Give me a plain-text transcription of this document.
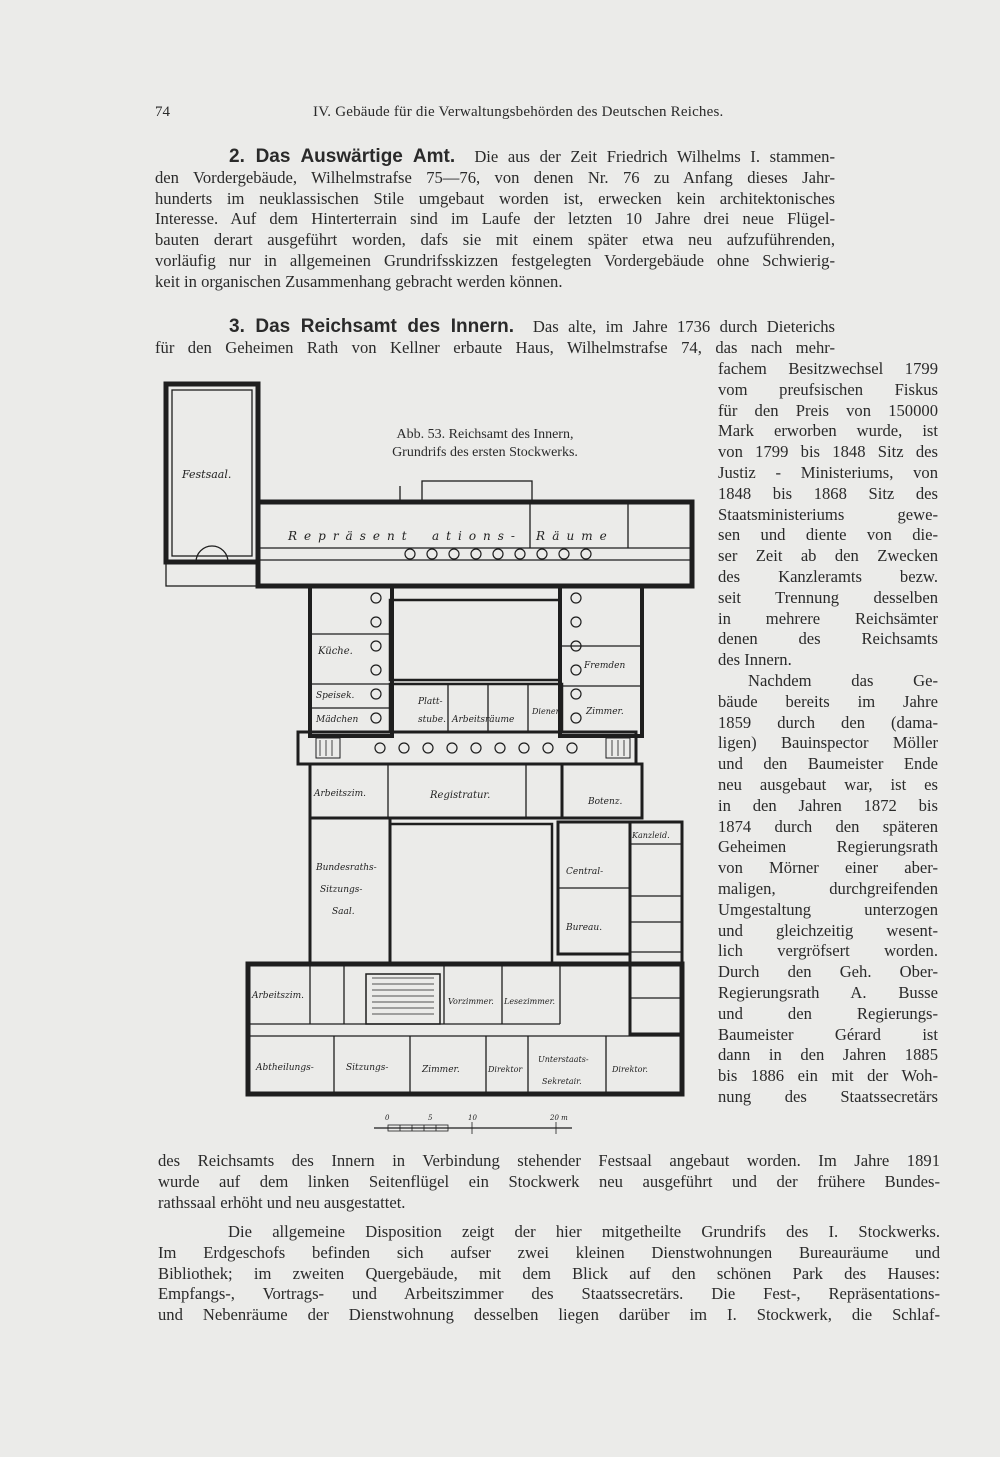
74	IV. Gebäude für die Verwaltungsbehörden des Deutschen Reiches.
2. Das Auswärtige Amt. Die aus der Zeit Friedrich Wilhelms I. stammen-
den Vordergebäude, Wilhelmstrafse 75—76, von denen Nr. 76 zu Anfang dieses Jahr-
hunderts im neuklassischen Stile umgebaut worden ist, erwecken kein architektonisches
Interesse. Auf dem Hinterterrain sind im Laufe der letzten 10 Jahre drei neue Flügel-
bauten derart ausgeführt worden, dafs sie mit einem später etwa neu aufzuführenden,
vorläufig nur in allgemeinen Grundrifsskizzen festgelegten Vordergebäude ohne Schwierig-
keit in organischen Zusammenhang gebracht werden können.
3. Das Reichsamt des Innern. Das alte, im Jahre 1736 durch Dieterichs
für den Geheimen Rath von Kellner erbaute Haus, Wilhelmstrafse 74, das nach mehr-
fachem Besitzwechsel 1799
vom preufsischen Fiskus
für den Preis von 150000
Mark erworben wurde, ist
von 1799 bis 1848 Sitz des
Justiz - Ministeriums, von
1848 bis 1868 Sitz des
Staatsministeriums gewe-
sen und diente von die-
ser Zeit ab den Zwecken
des Kanzleramts bezw.
seit Trennung desselben
in mehrere Reichsämter
denen des Reichsamts
des Innern.
Nachdem das Ge-
bäude bereits im Jahre
1859 durch den (dama-
ligen) Bauinspector Möller
und den Baumeister Ende
neu ausgebaut war, ist es
in den Jahren 1872 bis
1874 durch den späteren
Geheimen Regierungsrath
von Mörner einer aber-
maligen, durchgreifenden
Umgestaltung unterzogen
und gleichzeitig wesent-
lich vergröfsert worden.
Durch den Geh. Ober-
Regierungsrath A. Busse
und den Regierungs-
Baumeister Gérard ist
dann in den Jahren 1885
bis 1886 ein mit der Woh-
nung des Staatssecretärs
des Reichsamts des Innern in Verbindung stehender Festsaal angebaut worden. Im Jahre 1891
wurde auf dem linken Seitenflügel ein Stockwerk neu ausgeführt und der frühere Bundes-
rathssaal erhöht und neu ausgestattet.
Die allgemeine Disposition zeigt der hier mitgetheilte Grundrifs des I. Stockwerks.
Im Erdgeschofs befinden sich aufser zwei kleinen Dienstwohnungen Bureauräume und
Bibliothek; im zweiten Quergebäude, mit dem Blick auf den schönen Park des Hauses:
Empfangs-, Vortrags- und Arbeitszimmer des Staatssecretärs. Die Fest-, Repräsentations-
und Nebenräume der Dienstwohnung desselben liegen darüber im I. Stockwerk, die Schlaf-
Abb. 53. Reichsamt des Innern,
Grundrifs des ersten Stockwerks.
Festsaal.
Repräsent ations- Räume
Küche.
Speisek.
Mädchen
Platt-
stube. Arbeitsräume
Diener
Fremden
Zimmer.
Arbeitszim.	Registratur.
Botenz.
Kanzleid.
Bundesraths-
Sitzungs-
Saal.
Central-
Bureau.
Arbeitszim.
Vorzimmer. Lesezimmer.
Abtheilungs-	Sitzungs-	Zimmer.	Direktor
Unterstaats-
Sekretair.
Direktor.
0	5	10	20 m
